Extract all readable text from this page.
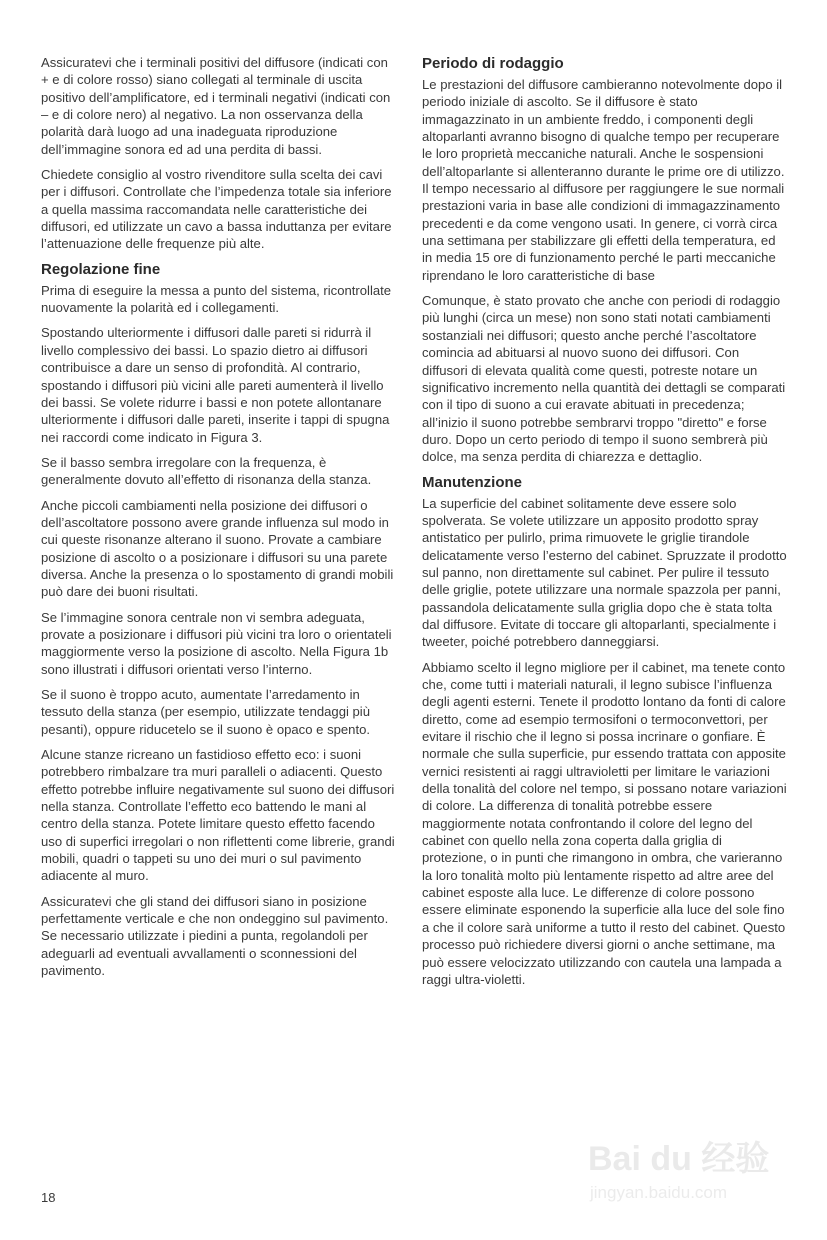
Assicuratevi che i terminali positivi del diffusore (indicati con + e di colore rosso) siano collegati al terminale di uscita positivo dell’amplificatore, ed i terminali negativi (indicati con – e di colore nero) al negativo. La non osservanza della polarità darà luogo ad una inadeguata riproduzione dell’immagine sonora ed ad una perdita di bassi.

Chiedete consiglio al vostro rivenditore sulla scelta dei cavi per i diffusori. Controllate che l’impedenza totale sia inferiore a quella massima raccomandata nelle caratteristiche dei diffusori, ed utilizzate un cavo a bassa induttanza per evitare l’attenuazione delle frequenze più alte.

Regolazione fine

Prima di eseguire la messa a punto del sistema, ricontrollate nuovamente la polarità ed i collegamenti.

Spostando ulteriormente i diffusori dalle pareti si ridurrà il livello complessivo dei bassi. Lo spazio dietro ai diffusori contribuisce a dare un senso di profondità. Al contrario, spostando i diffusori più vicini alle pareti aumenterà il livello dei bassi. Se volete ridurre i bassi e non potete allontanare ulteriormente i diffusori dalle pareti, inserite i tappi di spugna nei raccordi come indicato in Figura 3.

Se il basso sembra irregolare con la frequenza, è generalmente dovuto all’effetto di risonanza della stanza.

Anche piccoli cambiamenti nella posizione dei diffusori o dell’ascoltatore possono avere grande influenza sul modo in cui queste risonanze alterano il suono. Provate a cambiare posizione di ascolto o a posizionare i diffusori su una parete diversa. Anche la presenza o lo spostamento di grandi mobili può dare dei buoni risultati.

Se l’immagine sonora centrale non vi sembra adeguata, provate a posizionare i diffusori più vicini tra loro o orientateli maggiormente verso la posizione di ascolto. Nella Figura 1b sono illustrati i diffusori orientati verso l’interno.

Se il suono è troppo acuto, aumentate l’arredamento in tessuto della stanza (per esempio, utilizzate tendaggi più pesanti), oppure riducetelo se il suono è opaco e spento.

Alcune stanze ricreano un fastidioso effetto eco: i suoni potrebbero rimbalzare tra muri paralleli o adiacenti. Questo effetto potrebbe influire negativamente sul suono dei diffusori nella stanza. Controllate l’effetto eco battendo le mani al centro della stanza. Potete limitare questo effetto facendo uso di superfici irregolari o non riflettenti come librerie, grandi mobili, quadri o tappeti su uno dei muri o sul pavimento adiacente al muro.

Assicuratevi che gli stand dei diffusori siano in posizione perfettamente verticale e che non ondeggino sul pavimento. Se necessario utilizzate i piedini a punta, regolandoli per adeguarli ad eventuali avvallamenti o sconnessioni del pavimento.

Periodo di rodaggio

Le prestazioni del diffusore cambieranno notevolmente dopo il periodo iniziale di ascolto. Se il diffusore è stato immagazzinato in un ambiente freddo, i componenti degli altoparlanti avranno bisogno di qualche tempo per recuperare le loro proprietà meccaniche naturali. Anche le sospensioni dell’altoparlante si allenteranno durante le prime ore di utilizzo. Il tempo necessario al diffusore per raggiungere le sue normali prestazioni varia in base alle condizioni di immagazzinamento precedenti e da come vengono usati. In genere, ci vorrà circa una settimana per stabilizzare gli effetti della temperatura, ed in media 15 ore di funzionamento perché le parti meccaniche riprendano le loro caratteristiche di base

Comunque, è stato provato che anche con periodi di rodaggio più lunghi (circa un mese) non sono stati notati cambiamenti sostanziali nei diffusori; questo anche perché l’ascoltatore comincia ad abituarsi al nuovo suono dei diffusori. Con diffusori di elevata qualità come questi, potreste notare un significativo incremento nella quantità dei dettagli se comparati con il tipo di suono a cui eravate abituati in precedenza; all’inizio il suono potrebbe sembrarvi troppo "diretto" e forse duro. Dopo un certo periodo di tempo il suono sembrerà più dolce, ma senza perdita di chiarezza e dettaglio.

Manutenzione

La superficie del cabinet solitamente deve essere solo spolverata. Se volete utilizzare un apposito prodotto spray antistatico per pulirlo, prima rimuovete le griglie tirandole delicatamente verso l’esterno del cabinet. Spruzzate il prodotto sul panno, non direttamente sul cabinet. Per pulire il tessuto delle griglie, potete utilizzare una normale spazzola per panni, passandola delicatamente sulla griglia dopo che è stata tolta dal diffusore. Evitate di toccare gli altoparlanti, specialmente i tweeter, poiché potrebbero danneggiarsi.

Abbiamo scelto il legno migliore per il cabinet, ma tenete conto che, come tutti i materiali naturali, il legno subisce l’influenza degli agenti esterni. Tenete il prodotto lontano da fonti di calore diretto, come ad esempio termosifoni o termoconvettori, per evitare il rischio che il legno si possa incrinare o gonfiare. È normale che sulla superficie, pur essendo trattata con apposite vernici resistenti ai raggi ultravioletti per limitare le variazioni della tonalità del colore nel tempo, si possano notare variazioni di colore. La differenza di tonalità potrebbe essere maggiormente notata confrontando il colore del legno del cabinet con quello nella zona coperta dalla griglia di protezione, o in punti che rimangono in ombra, che varieranno la loro tonalità molto più lentamente rispetto ad altre aree del cabinet esposte alla luce. Le differenze di colore possono essere eliminate esponendo la superficie alla luce del sole fino a che il colore sarà uniforme a tutto il resto del cabinet. Questo processo può richiedere diversi giorni o anche settimane, ma può essere velocizzato utilizzando con cautela una lampada a raggi ultra-violetti.

18
Bai du 经验
jingyan.baidu.com
